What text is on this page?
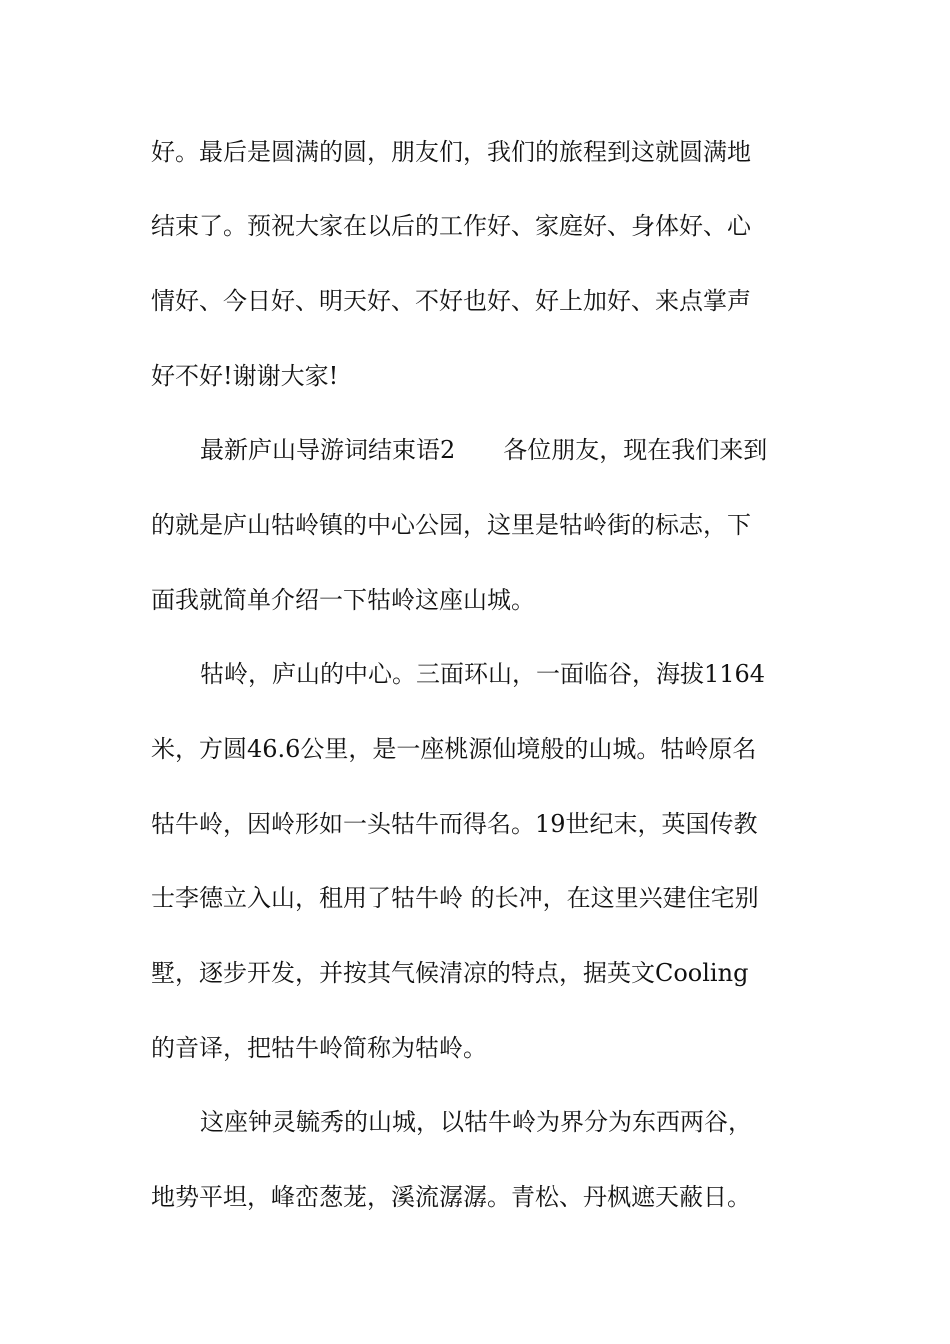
好。最后是圆满的圆，朋友们，我们的旅程到这就圆满地
结束了。预祝大家在以后的工作好、家庭好、身体好、心
情好、今日好、明天好、不好也好、好上加好、来点掌声
好不好!谢谢大家!
最新庐山导游词结束语2　　各位朋友，现在我们来到
的就是庐山牯岭镇的中心公园，这里是牯岭街的标志，下
面我就简单介绍一下牯岭这座山城。
牯岭，庐山的中心。三面环山，一面临谷，海拔1164
米，方圆46.6公里，是一座桃源仙境般的山城。牯岭原名
牯牛岭，因岭形如一头牯牛而得名。19世纪末，英国传教
士李德立入山，租用了牯牛岭 的长冲，在这里兴建住宅别
墅，逐步开发，并按其气候清凉的特点，据英文Cooling
的音译，把牯牛岭简称为牯岭。
这座钟灵毓秀的山城，以牯牛岭为界分为东西两谷，
地势平坦，峰峦葱茏，溪流潺潺。青松、丹枫遮天蔽日。
